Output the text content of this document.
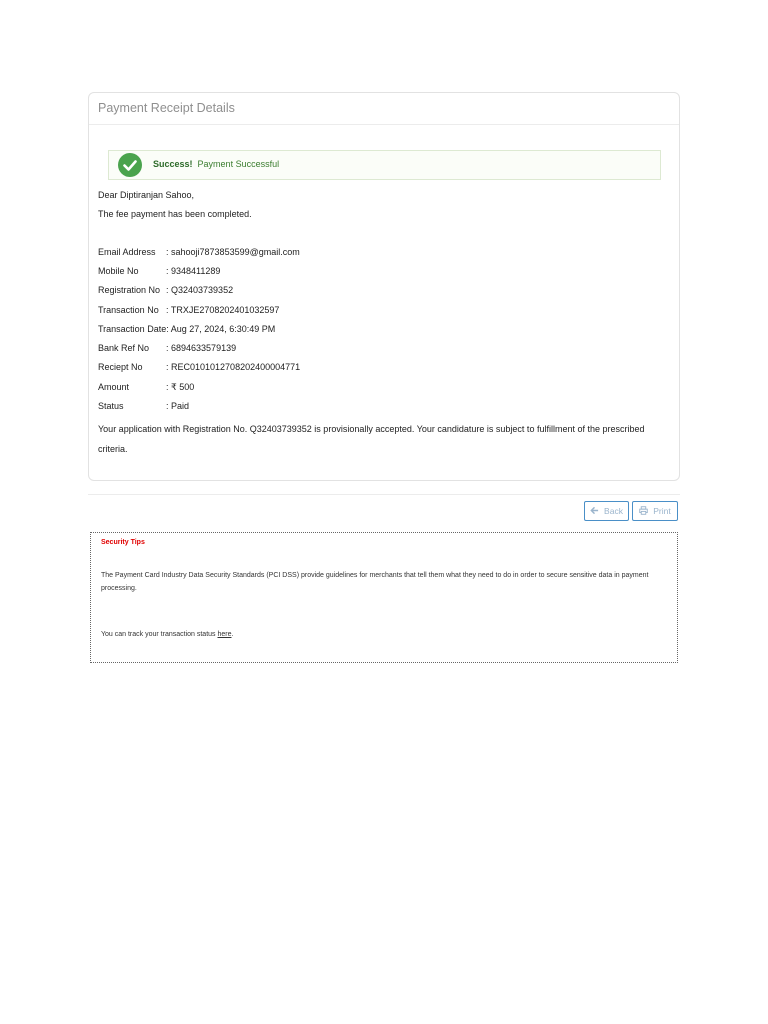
Payment Receipt Details
Success! Payment Successful
Dear Diptiranjan Sahoo,
The fee payment has been completed.
Email Address : sahooji7873853599@gmail.com
Mobile No	: 9348411289
Registration No : Q32403739352
Transaction No : TRXJE2708202401032597
Transaction Date : Aug 27, 2024, 6:30:49 PM
Bank Ref No : 6894633579139
Reciept No	: REC0101012708202400004771
Amount	: ₹ 500
Status	: Paid
Your application with Registration No. Q32403739352 is provisionally accepted. Your candidature is subject to fulfillment of the prescribed criteria.
Back	Print
Security Tips
The Payment Card Industry Data Security Standards (PCI DSS) provide guidelines for merchants that tell them what they need to do in order to secure sensitive data in payment processing.
You can track your transaction status here.
